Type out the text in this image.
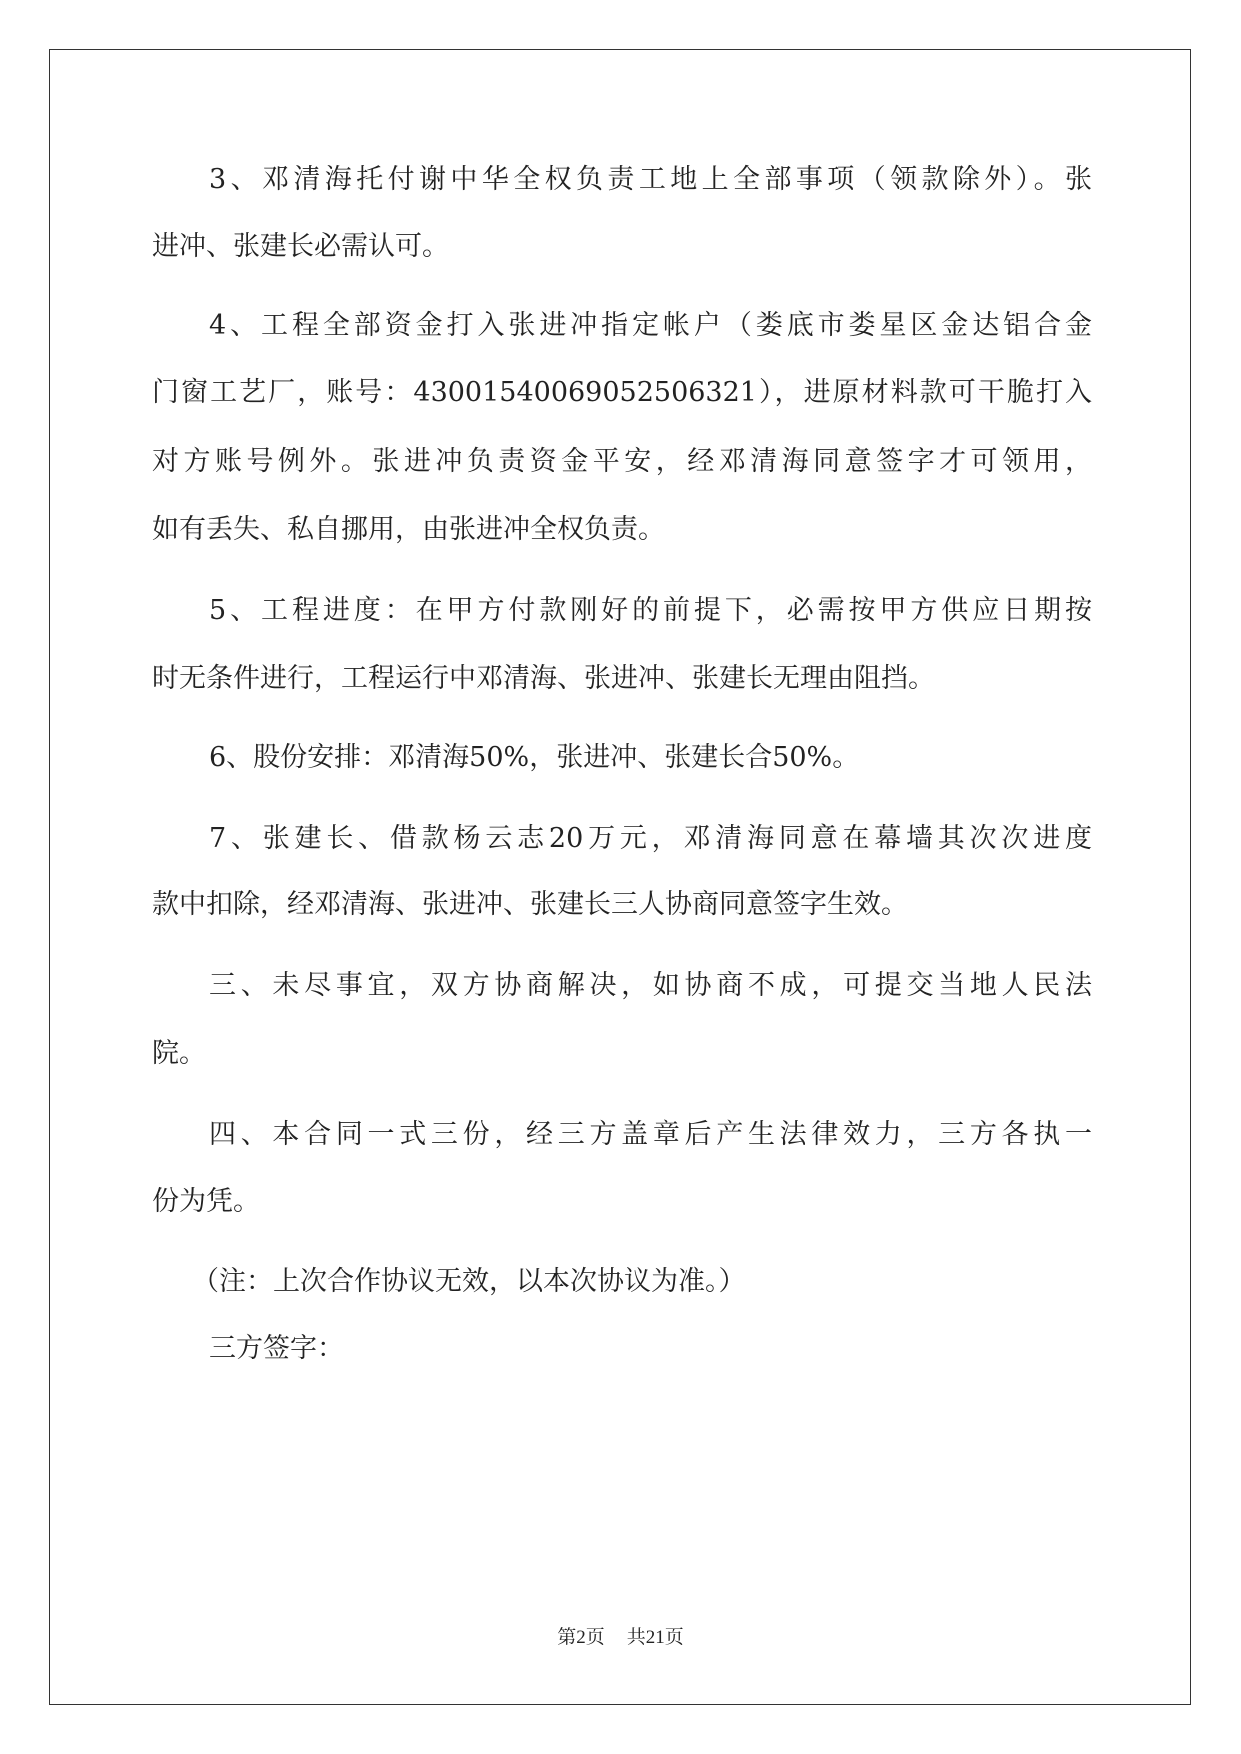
3、邓清海托付谢中华全权负责工地上全部事项（领款除外）。张
进冲、张建长必需认可。
4、工程全部资金打入张进冲指定帐户（娄底市娄星区金达铝合金
门窗工艺厂，账号：43001540069052506321），进原材料款可干脆打入
对方账号例外。张进冲负责资金平安，经邓清海同意签字才可领用，
如有丢失、私自挪用，由张进冲全权负责。
5、工程进度：在甲方付款刚好的前提下，必需按甲方供应日期按
时无条件进行，工程运行中邓清海、张进冲、张建长无理由阻挡。
6、股份安排：邓清海50%，张进冲、张建长合50%。
7、张建长、借款杨云志20万元，邓清海同意在幕墙其次次进度
款中扣除，经邓清海、张进冲、张建长三人协商同意签字生效。
三、未尽事宜，双方协商解决，如协商不成，可提交当地人民法
院。
四、本合同一式三份，经三方盖章后产生法律效力，三方各执一
份为凭。
（注：上次合作协议无效，以本次协议为准。）
三方签字：
第2页 共21页
